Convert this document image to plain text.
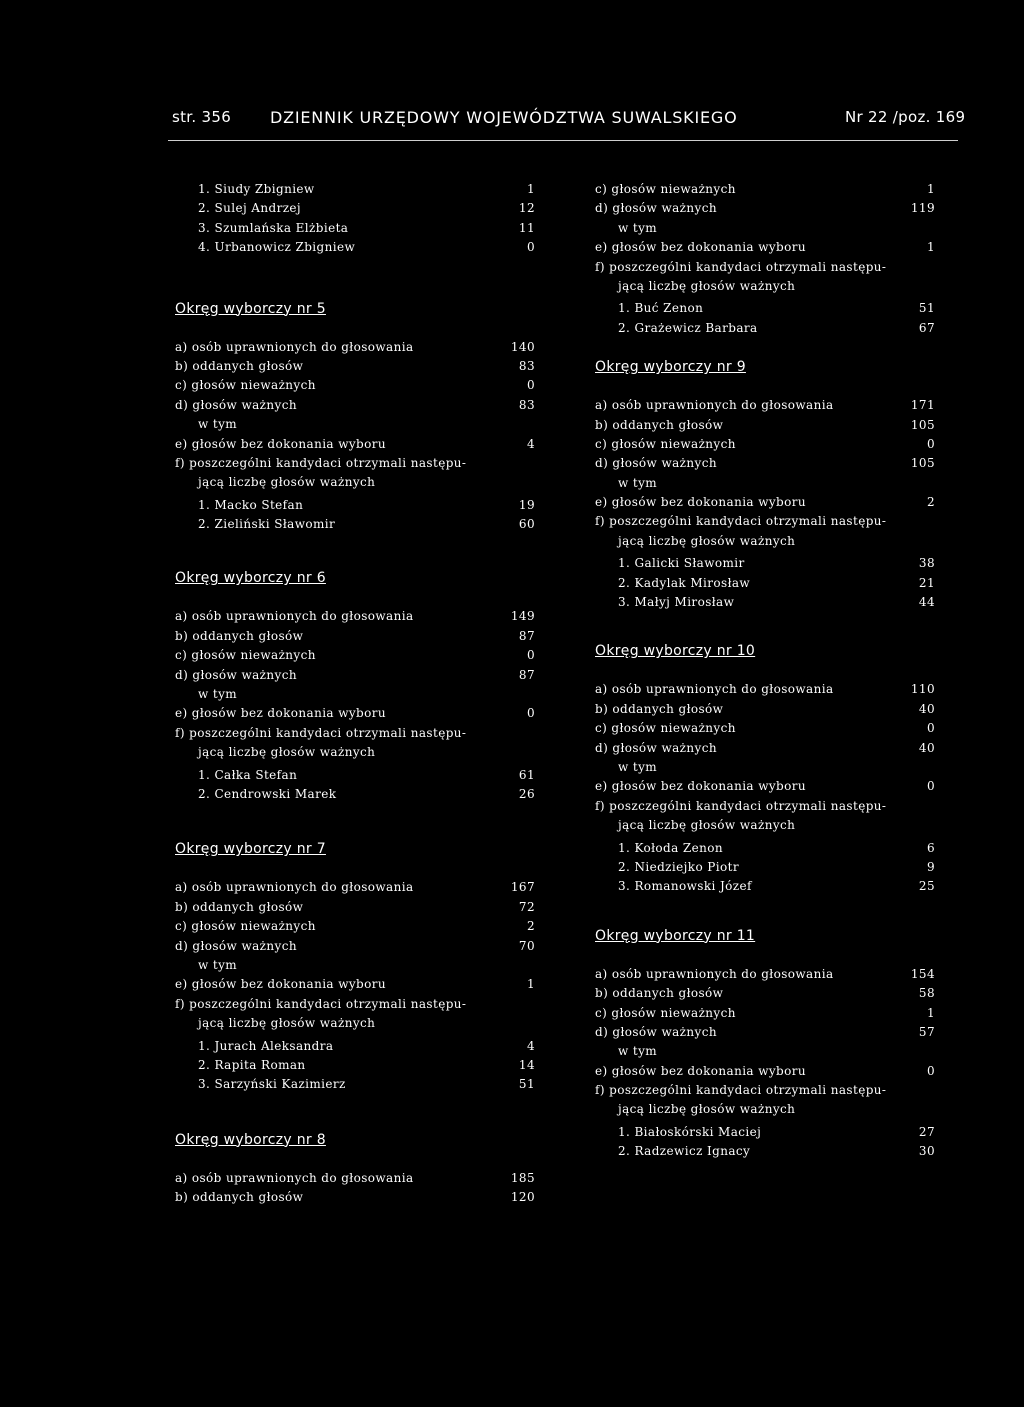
str. 356 DZIENNIK URZĘDOWY WOJEWÓDZTWA SUWALSKIEGO	Nr 22 /poz. 169
1. Siudy Zbigniew	1
2. Sulej Andrzej	12
3. Szumlańska Elżbieta	11
4. Urbanowicz Zbigniew	0
Okręg wyborczy nr 5
a) osób uprawnionych do głosowania	140
b) oddanych głosów	83
c) głosów nieważnych	0
d) głosów ważnych	83
w tym
e) głosów bez dokonania wyboru	4
f) poszczególni kandydaci otrzymali następu-
jącą liczbę głosów ważnych
1. Macko Stefan	19
2. Zieliński Sławomir	60
Okręg wyborczy nr 6
a) osób uprawnionych do głosowania	149
b) oddanych głosów	87
c) głosów nieważnych	0
d) głosów ważnych	87
w tym
e) głosów bez dokonania wyboru	0
f) poszczególni kandydaci otrzymali następu-
jącą liczbę głosów ważnych
1. Całka Stefan	61
2. Cendrowski Marek	26
Okręg wyborczy nr 7
a) osób uprawnionych do głosowania	167
b) oddanych głosów	72
c) głosów nieważnych	2
d) głosów ważnych	70
w tym
e) głosów bez dokonania wyboru	1
f) poszczególni kandydaci otrzymali następu-
jącą liczbę głosów ważnych
1. Jurach Aleksandra	4
2. Rapita Roman	14
3. Sarzyński Kazimierz	51
Okręg wyborczy nr 8
a) osób uprawnionych do głosowania	185
b) oddanych głosów	120
c) głosów nieważnych	1
d) głosów ważnych	119
w tym
e) głosów bez dokonania wyboru	1
f) poszczególni kandydaci otrzymali następu-
jącą liczbę głosów ważnych
1. Buć Zenon	51
2. Grażewicz Barbara	67
Okręg wyborczy nr 9
a) osób uprawnionych do głosowania	171
b) oddanych głosów	105
c) głosów nieważnych	0
d) głosów ważnych	105
w tym
e) głosów bez dokonania wyboru	2
f) poszczególni kandydaci otrzymali następu-
jącą liczbę głosów ważnych
1. Galicki Sławomir	38
2. Kadylak Mirosław	21
3. Małyj Mirosław	44
Okręg wyborczy nr 10
a) osób uprawnionych do głosowania	110
b) oddanych głosów	40
c) głosów nieważnych	0
d) głosów ważnych	40
w tym
e) głosów bez dokonania wyboru	0
f) poszczególni kandydaci otrzymali następu-
jącą liczbę głosów ważnych
1. Kołoda Zenon	6
2. Niedziejko Piotr	9
3. Romanowski Józef	25
Okręg wyborczy nr 11
a) osób uprawnionych do głosowania	154
b) oddanych głosów	58
c) głosów nieważnych	1
d) głosów ważnych	57
w tym
e) głosów bez dokonania wyboru	0
f) poszczególni kandydaci otrzymali następu-
jącą liczbę głosów ważnych
1. Białoskórski Maciej	27
2. Radzewicz Ignacy	30
